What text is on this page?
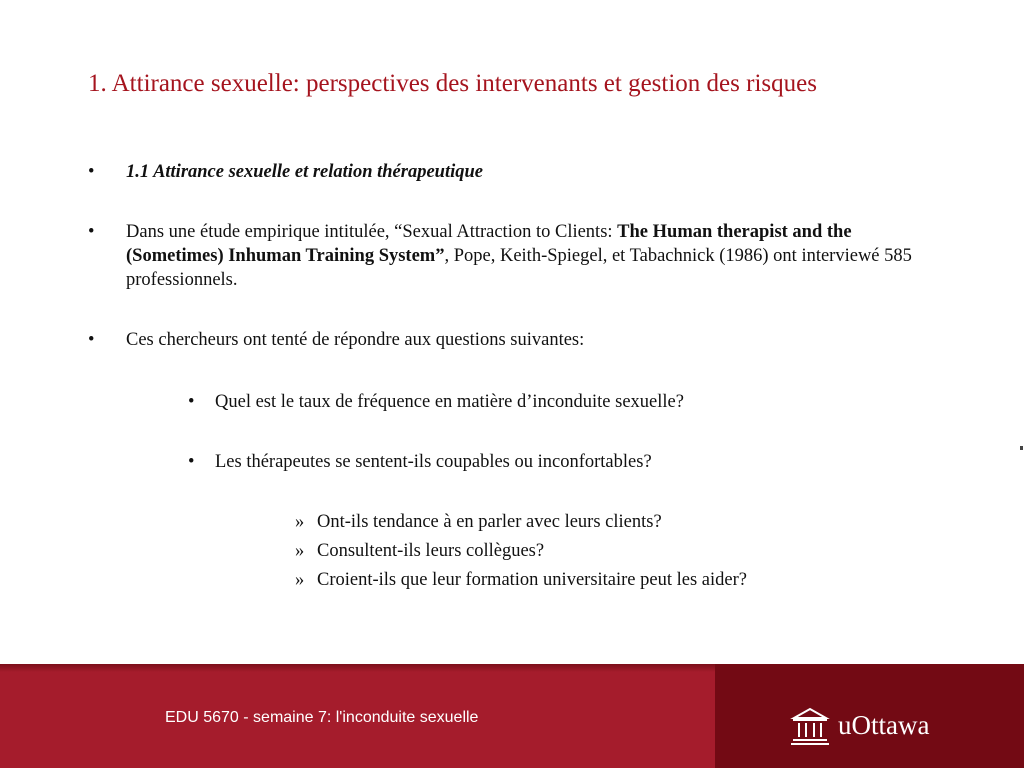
1. Attirance sexuelle: perspectives des intervenants et gestion des risques
• 1.1 Attirance sexuelle et relation thérapeutique
• Dans une étude empirique intitulée, “Sexual Attraction to Clients: The Human therapist and the (Sometimes) Inhuman Training System”, Pope, Keith-Spiegel, et Tabachnick (1986) ont interviewé 585 professionnels.
• Ces chercheurs ont tenté de répondre aux questions suivantes:
• Quel est le taux de fréquence en matière d’inconduite sexuelle?
• Les thérapeutes se sentent-ils coupables ou inconfortables?
» Ont-ils tendance à en parler avec leurs clients?
» Consultent-ils leurs collègues?
» Croient-ils que leur formation universitaire peut les aider?
EDU 5670 - semaine 7: l'inconduite sexuelle	uOttawa
